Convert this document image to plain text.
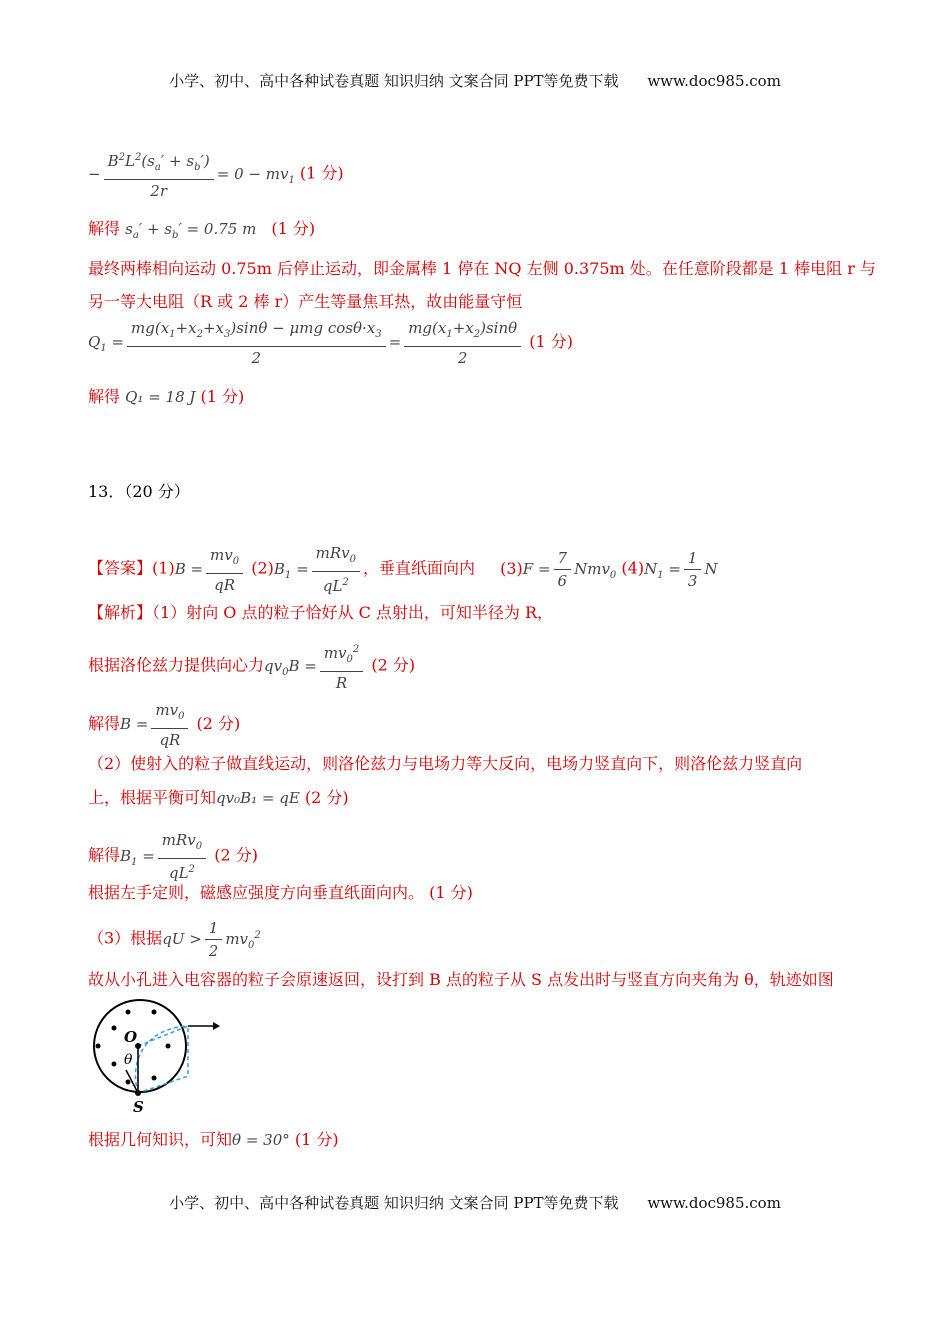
小学、初中、高中各种试卷真题 知识归纳 文案合同 PPT等免费下载 www.doc985.com
− $\frac{B^2L^2(s_a' + s_b')}{2r} = 0 - mv_1$ (1 分)
解得 $s_a' + s_b' = 0.75$ m (1 分)
最终两棒相向运动 0.75m 后停止运动，即金属棒 1 停在 NQ 左侧 0.375m 处。在任意阶段都是 1 棒电阻 r 与
另一等大电阻（R 或 2 棒 r）产生等量焦耳热，故由能量守恒
$Q_1 = \frac{mg(x_1+x_2+x_3)\sin\theta - \mu mg \cos\theta\cdot x_3}{2} = \frac{mg(x_1+x_2)\sin\theta}{2} (1$ 分)
解得 Q₁ = 18 J (1 分)
13．（20 分）
【答案】$(1)B = \frac{mv_0}{qR} (2)B_1 = \frac{mRv_0}{qL^2}$ ，垂直纸面向内 $(3)F = \frac{7}{6} Nmv_0$ $(4)N_1 = \frac{1}{3}$ N
【解析】（1）射向 O 点的粒子恰好从 C 点射出，可知半径为 R，
根据洛伦兹力提供向心力$qv_0B = \frac{mv_0^2}{R} (2$ 分)
解得$B = \frac{mv_0}{qR} (2$ 分)
（2）使射入的粒子做直线运动，则洛伦兹力与电场力等大反向，电场力竖直向下，则洛伦兹力竖直向
上，根据平衡可知qv₀B₁ = qE (2 分)
解得$B_1 = \frac{mRv_0}{qL^2} (2$ 分)
根据左手定则，磁感应强度方向垂直纸面向内。 (1 分)
（3）根据qU > $\frac{1}{2} mv_0^2$
故从小孔进入电容器的粒子会原速返回，设打到 B 点的粒子从 S 点发出时与竖直方向夹角为 θ，轨迹如图
O
θ
S
根据几何知识，可知θ = 30° (1 分)
小学、初中、高中各种试卷真题 知识归纳 文案合同 PPT等免费下载 www.doc985.com
